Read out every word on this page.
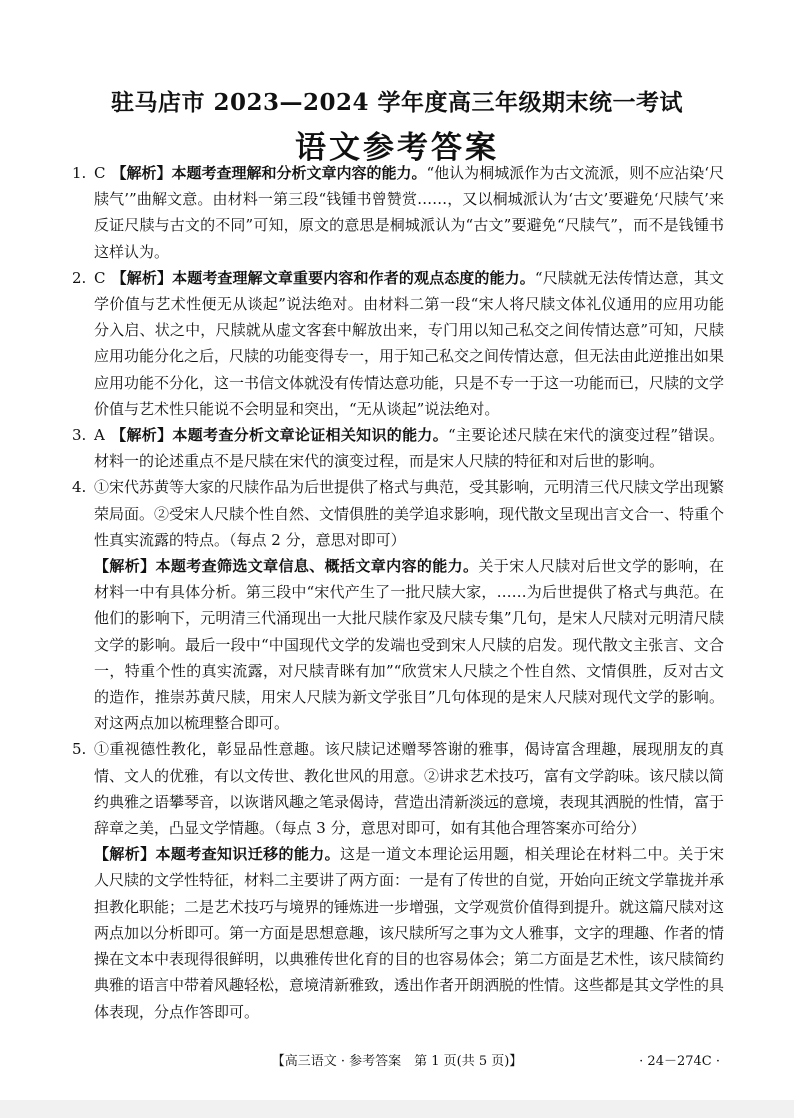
驻马店市 2023—2024 学年度高三年级期末统一考试
语文参考答案
1. C 【解析】本题考查理解和分析文章内容的能力。“他认为桐城派作为古文流派，则不应沾染‘尺牍气’”曲解文意。由材料一第三段“钱锺书曾赞赏……，又以桐城派认为‘古文’要避免‘尺牍气’来反证尺牍与古文的不同”可知，原文的意思是桐城派认为“古文”要避免“尺牍气”，而不是钱锺书这样认为。
2. C 【解析】本题考查理解文章重要内容和作者的观点态度的能力。“尺牍就无法传情达意，其文学价值与艺术性便无从谈起”说法绝对。由材料二第一段“宋人将尺牍文体礼仪通用的应用功能分入启、状之中，尺牍就从虚文客套中解放出来，专门用以知己私交之间传情达意”可知，尺牍应用功能分化之后，尺牍的功能变得专一，用于知己私交之间传情达意，但无法由此逆推出如果应用功能不分化，这一书信文体就没有传情达意功能，只是不专一于这一功能而已，尺牍的文学价值与艺术性只能说不会明显和突出，“无从谈起”说法绝对。
3. A 【解析】本题考查分析文章论证相关知识的能力。“主要论述尺牍在宋代的演变过程”错误。材料一的论述重点不是尺牍在宋代的演变过程，而是宋人尺牍的特征和对后世的影响。
4. ①宋代苏黄等大家的尺牍作品为后世提供了格式与典范，受其影响，元明清三代尺牍文学出现繁荣局面。②受宋人尺牍个性自然、文情俱胜的美学追求影响，现代散文呈现出言文合一、特重个性真实流露的特点。（每点 2 分，意思对即可）
【解析】本题考查筛选文章信息、概括文章内容的能力。关于宋人尺牍对后世文学的影响，在材料一中有具体分析。第三段中“宋代产生了一批尺牍大家，……为后世提供了格式与典范。在他们的影响下，元明清三代涌现出一大批尺牍作家及尺牍专集”几句，是宋人尺牍对元明清尺牍文学的影响。最后一段中“中国现代文学的发端也受到宋人尺牍的启发。现代散文主张言、文合一，特重个性的真实流露，对尺牍青眯有加”“欣赏宋人尺牍之个性自然、文情俱胜，反对古文的造作，推崇苏黄尺牍，用宋人尺牍为新文学张目”几句体现的是宋人尺牍对现代文学的影响。对这两点加以梳理整合即可。
5. ①重视德性教化，彰显品性意趣。该尺牍记述赠琴答谢的雅事，偈诗富含理趣，展现朋友的真情、文人的优雅，有以文传世、教化世风的用意。②讲求艺术技巧，富有文学韵味。该尺牍以简约典雅之语攀琴音，以诙谐风趣之笔录偈诗，营造出清新淡远的意境，表现其洒脱的性情，富于辞章之美，凸显文学情趣。（每点 3 分，意思对即可，如有其他合理答案亦可给分）
【解析】本题考查知识迁移的能力。这是一道文本理论运用题，相关理论在材料二中。关于宋人尺牍的文学性特征，材料二主要讲了两方面：一是有了传世的自觉，开始向正统文学靠拢并承担教化职能；二是艺术技巧与境界的锤炼进一步增强，文学观赏价值得到提升。就这篇尺牍对这两点加以分析即可。第一方面是思想意趣，该尺牍所写之事为文人雅事，文字的理趣、作者的情操在文本中表现得很鲜明，以典雅传世化育的目的也容易体会；第二方面是艺术性，该尺牍简约典雅的语言中带着风趣轻松，意境清新雅致，透出作者开朗洒脱的性情。这些都是其文学性的具体表现，分点作答即可。
【高三语文 · 参考答案　第 1 页(共 5 页)】	· 24－274C ·
